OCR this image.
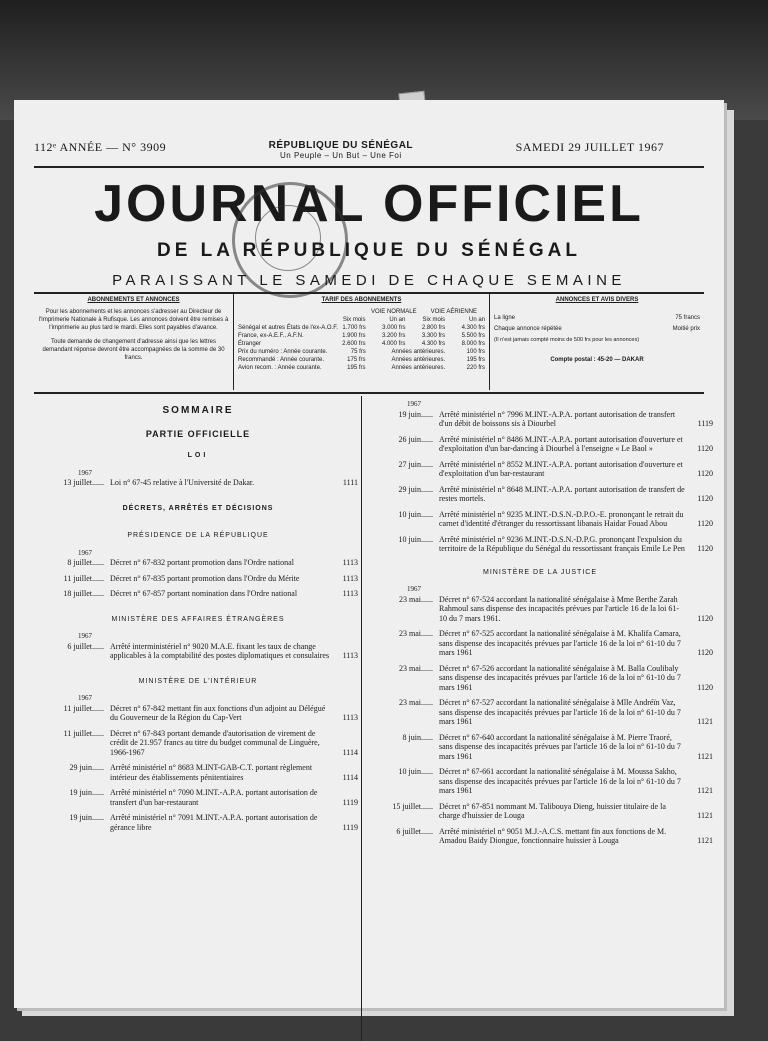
112ᵉ ANNÉE — N° 3909	RÉPUBLIQUE DU SÉNÉGAL
Un Peuple – Un But – Une Foi
SAMEDI 29 JUILLET 1967
JOURNAL OFFICIEL
DE LA RÉPUBLIQUE DU SÉNÉGAL
PARAISSANT LE SAMEDI DE CHAQUE SEMAINE
ABONNEMENTS ET ANNONCES
Pour les abonnements et les annonces s'adresser au Directeur de l'Imprimerie Nationale à Rufisque. Les annonces doivent être remises à l'imprimerie au plus tard le mardi. Elles sont payables d'avance.
Toute demande de changement d'adresse ainsi que les lettres demandant réponse devront être accompagnées de la somme de 30 francs.
TARIF DES ABONNEMENTS
VOIE NORMALE VOIE AÉRIENNE
Six mois	Un an	Six mois	Un an
Sénégal et autres États de l'ex-A.O.F. 1.700 frs	3.000 frs	2.800 frs	4.300 frs
France, ex-A.E.F., A.F.N.	1.900 frs	3.200 frs	3.300 frs	5.500 frs
Étranger	2.600 frs	4.000 frs	4.300 frs	8.000 frs
Prix du numéro : Année courante.	75 frs	Années antérieures.	100 frs
Recommandé : Année courante.	175 frs	Années antérieures.	195 frs
Avion recom. : Année courante.	195 frs	Années antérieures.	220 frs
ANNONCES ET AVIS DIVERS
La ligne	75 francs
Chaque annonce répétée	Moitié prix
(Il n'est jamais compté moins de 500 frs pour les annonces)
Compte postal : 45-20 — DAKAR
SOMMAIRE
PARTIE OFFICIELLE
LOI
1967
13 juillet...... Loi n° 67-45 relative à l'Université de Dakar.	1111
DÉCRETS, ARRÊTÉS ET DÉCISIONS
PRÉSIDENCE DE LA RÉPUBLIQUE
1967
8 juillet...... Décret n° 67-832 portant promotion dans l'Ordre national	1113
11 juillet...... Décret n° 67-835 portant promotion dans l'Ordre du Mérite	1113
18 juillet...... Décret n° 67-857 portant nomination dans l'Ordre national	1113
MINISTÈRE DES AFFAIRES ÉTRANGÈRES
1967
6 juillet...... Arrêté interministériel n° 9020 M.A.E. fixant les taux de change applicables à la comptabilité des postes diplomatiques et consulaires	1113
MINISTÈRE DE L'INTÉRIEUR
1967
11 juillet...... Décret n° 67-842 mettant fin aux fonctions d'un adjoint au Délégué du Gouverneur de la Région du Cap-Vert	1113
11 juillet...... Décret n° 67-843 portant demande d'autorisation de virement de crédit de 21.957 francs au titre du budget communal de Linguère, 1966-1967	1114
29 juin...... Arrêté ministériel n° 8683 M.INT-GAB-C.T. portant règlement intérieur des établissements pénitentiaires	1114
19 juin...... Arrêté ministériel n° 7090 M.INT.-A.P.A. portant autorisation de transfert d'un bar-restaurant	1119
19 juin...... Arrêté ministériel n° 7091 M.INT.-A.P.A. portant autorisation de gérance libre	1119
1967
19 juin...... Arrêté ministériel n° 7996 M.INT.-A.P.A. portant autorisation de transfert d'un débit de boissons sis à Diourbel	1119
26 juin...... Arrêté ministériel n° 8486 M.INT.-A.P.A. portant autorisation d'ouverture et d'exploitation d'un bar-dancing à Diourbel à l'enseigne « Le Baol »	1120
27 juin...... Arrêté ministériel n° 8552 M.INT.-A.P.A. portant autorisation d'ouverture et d'exploitation d'un bar-restaurant	1120
29 juin...... Arrêté ministériel n° 8648 M.INT.-A.P.A. portant autorisation de transfert de restes mortels.	1120
10 juin...... Arrêté ministériel n° 9235 M.INT.-D.S.N.-D.P.O.-E. prononçant le retrait du carnet d'identité d'étranger du ressortissant libanais Haidar Fouad Abou	1120
10 juin...... Arrêté ministériel n° 9236 M.INT.-D.S.N.-D.P.G. prononçant l'expulsion du territoire de la République du Sénégal du ressortissant français Emile Le Pen	1120
MINISTÈRE DE LA JUSTICE
1967
23 mai...... Décret n° 67-524 accordant la nationalité sénégalaise à Mme Berthe Zarah Rahmoul sans dispense des incapacités prévues par l'article 16 de la loi 61-10 du 7 mars 1961.	1120
23 mai...... Décret n° 67-525 accordant la nationalité sénégalaise à M. Khalifa Camara, sans dispense des incapacités prévues par l'article 16 de la loi n° 61-10 du 7 mars 1961	1120
23 mai...... Décret n° 67-526 accordant la nationalité sénégalaise à M. Balla Coulibaly sans dispense des incapacités prévues par l'article 16 de la loi n° 61-10 du 7 mars 1961	1120
23 mai...... Décret n° 67-527 accordant la nationalité sénégalaise à Mlle Andréïn Vaz, sans dispense des incapacités prévues par l'article 16 de la loi n° 61-10 du 7 mars 1961	1121
8 juin...... Décret n° 67-640 accordant la nationalité sénégalaise à M. Pierre Traoré, sans dispense des incapacités prévues par l'article 16 de la loi n° 61-10 du 7 mars 1961	1121
10 juin...... Décret n° 67-661 accordant la nationalité sénégalaise à M. Moussa Sakho, sans dispense des incapacités prévues par l'article 16 de la loi n° 61-10 du 7 mars 1961	1121
15 juillet...... Décret n° 67-851 nommant M. Talibouya Dieng, huissier titulaire de la charge d'huissier de Louga	1121
6 juillet...... Arrêté ministériel n° 9051 M.J.-A.C.S. mettant fin aux fonctions de M. Amadou Baidy Diongue, fonctionnaire huissier à Louga	1121
